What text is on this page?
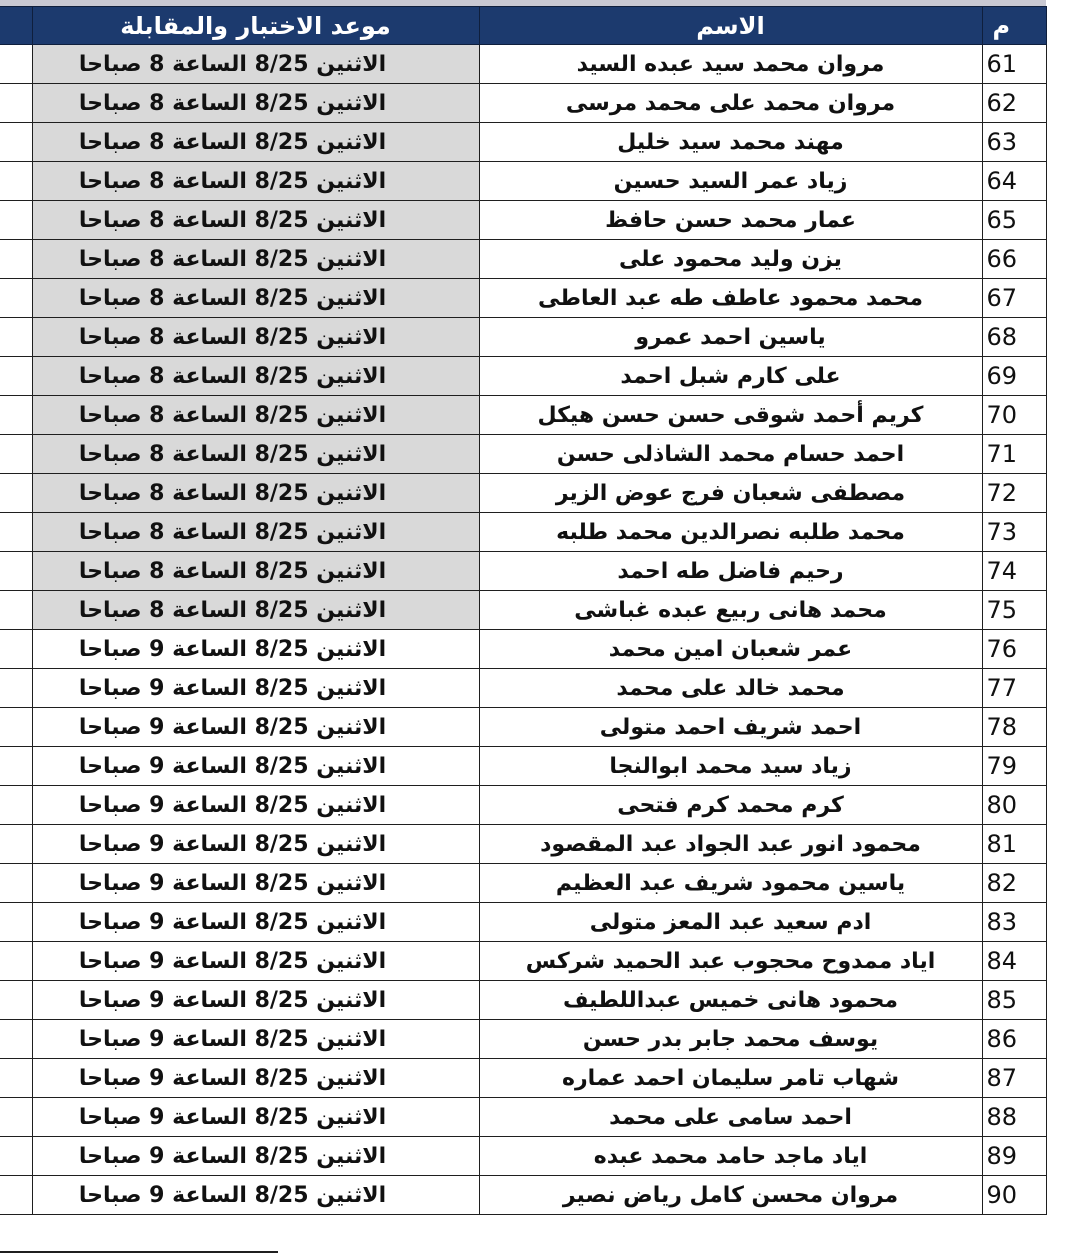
م	الاسم	موعد الاختبار والمقابلة	
61	مروان محمد سيد عبده السيد	الاثنين 8/25 الساعة 8 صباحا	
62	مروان محمد على محمد مرسى	الاثنين 8/25 الساعة 8 صباحا	
63	مهند محمد سيد خليل	الاثنين 8/25 الساعة 8 صباحا	
64	زياد عمر السيد حسين	الاثنين 8/25 الساعة 8 صباحا	
65	عمار محمد حسن حافظ	الاثنين 8/25 الساعة 8 صباحا	
66	يزن وليد محمود على	الاثنين 8/25 الساعة 8 صباحا	
67	محمد محمود عاطف طه عبد العاطى	الاثنين 8/25 الساعة 8 صباحا	
68	ياسين احمد عمرو	الاثنين 8/25 الساعة 8 صباحا	
69	على كارم شبل احمد	الاثنين 8/25 الساعة 8 صباحا	
70	كريم أحمد شوقى حسن حسن هيكل	الاثنين 8/25 الساعة 8 صباحا	
71	احمد حسام محمد الشاذلى حسن	الاثنين 8/25 الساعة 8 صباحا	
72	مصطفى شعبان فرج عوض الزير	الاثنين 8/25 الساعة 8 صباحا	
73	محمد طلبه نصرالدين محمد طلبه	الاثنين 8/25 الساعة 8 صباحا	
74	رحيم فاضل طه احمد	الاثنين 8/25 الساعة 8 صباحا	
75	محمد هانى ربيع عبده غباشى	الاثنين 8/25 الساعة 8 صباحا	
76	عمر شعبان امين محمد	الاثنين 8/25 الساعة 9 صباحا	
77	محمد خالد على محمد	الاثنين 8/25 الساعة 9 صباحا	
78	احمد شريف احمد متولى	الاثنين 8/25 الساعة 9 صباحا	
79	زياد سيد محمد ابوالنجا	الاثنين 8/25 الساعة 9 صباحا	
80	كرم محمد كرم فتحى	الاثنين 8/25 الساعة 9 صباحا	
81	محمود انور عبد الجواد عبد المقصود	الاثنين 8/25 الساعة 9 صباحا	
82	ياسين محمود شريف عبد العظيم	الاثنين 8/25 الساعة 9 صباحا	
83	ادم سعيد عبد المعز متولى	الاثنين 8/25 الساعة 9 صباحا	
84	اياد ممدوح محجوب عبد الحميد شركس	الاثنين 8/25 الساعة 9 صباحا	
85	محمود هانى خميس عبداللطيف	الاثنين 8/25 الساعة 9 صباحا	
86	يوسف محمد جابر بدر حسن	الاثنين 8/25 الساعة 9 صباحا	
87	شهاب تامر سليمان احمد عماره	الاثنين 8/25 الساعة 9 صباحا	
88	احمد سامى على محمد	الاثنين 8/25 الساعة 9 صباحا	
89	اياد ماجد حامد محمد عبده	الاثنين 8/25 الساعة 9 صباحا	
90	مروان محسن كامل رياض نصير	الاثنين 8/25 الساعة 9 صباحا	
